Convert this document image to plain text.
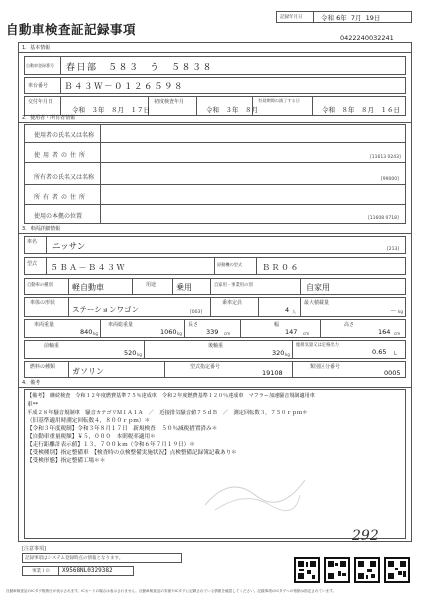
自動車検査証記録事項
記録年月日	令和 6年 7月 19日
0422240032241
1．基本情報
自動車登録番号 春日部　５８３　う　５８３８
車台番号 Ｂ４３Ｗ－０１２６５９８
交付年月日
令和　３年　８月　１７日
初度検査年月
令和　３年　８月
有効期間の満了する日
令和　８年　８月　１６日
2．使用者・所有者情報
使用者の氏名又は名称
使用者の住所	[11613 0243]
所有者の氏名又は名称	[99000]
所有者の住所
使用の本拠の位置	[11608 0718]
3．車両詳細情報
車名 ニッサン	[213]
型式 ５ＢＡ－Ｂ４３Ｗ	原動機の型式 ＢＲ０６
自動車の種別 軽自動車	用途 乗用	自家用・事業用の別	自家用
車体の形状
ステーションワゴン	[003]
乗車定員
4 人
最大積載量
－ kg
車両重量
840 kg
車両総重量
1060 kg
長さ
339 cm
幅
147 cm
高さ
164 cm
前軸重
520 kg
後軸重
320 kg
総排気量又は定格出力
0.65 L
燃料の種類 ガソリン	型式指定番号
19108
類別区分番号
0005
4．備考
【備考】　継続検査　令和１２年度燃費基準７５％達成車　令和２年度燃費基準１２０％達成車　マフラー加速騒音規制適用車
車**
平成２８年騒音規制車　騒音カテゴリＭ１Ａ１Ａ　／　近接排気騒音値７５ｄＢ　／　測定回転数３，７５０ｒｐｍ＊
（旧基準適用時測定回転数４，８００ｒｐｍ）＊
【令和３年度税制】令和３年８月１７日　新規検査　５０％減税措置済み＊
【自動車重量税額】￥５，０００　本則税率適用＊
【走行距離計表示値】１３，７００ｋｍ（令和６年７月１９日）＊
【受検種別】指定整備車　【検査時の点検整備実施状況】点検整備記録簿記載あり＊
【受検形態】指定整備工場＊＊
292
[注意事項]
記録事項はシステム登録時点の情報となります。
事業ＩＤ X9568NL0329382
自動車検査証のICタグ格納日が表示されます。ICカードの場合は表示されません。自動車検査証の券面やICタグに記載されている情報を確認してください。記録事項のICタグへの格納は指定されています。
